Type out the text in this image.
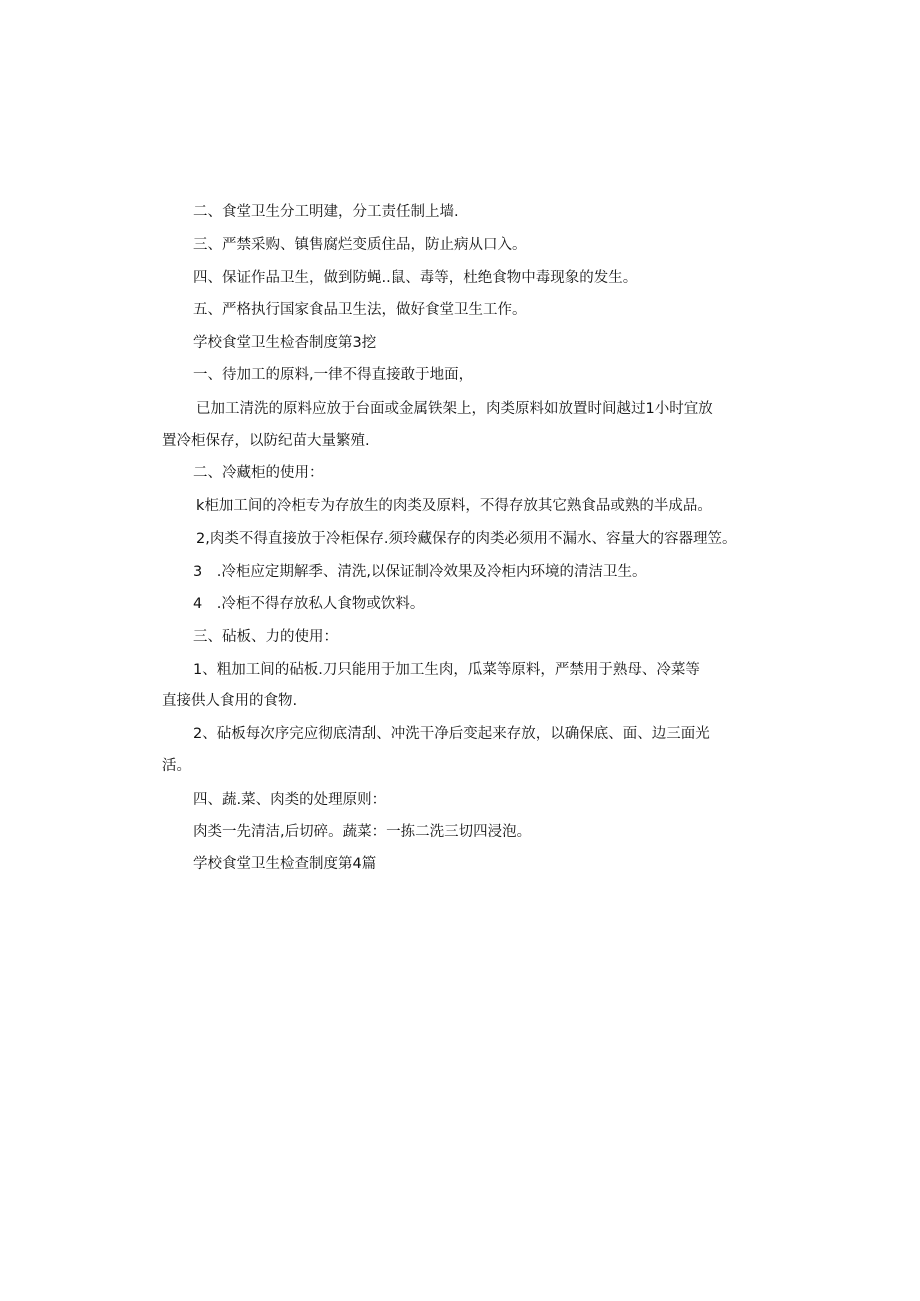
二、食堂卫生分工明建，分工责任制上墙.
三、严禁采购、镇售腐烂变质住品，防止病从口入。
四、保证作品卫生，做到防蝇..鼠、毒等，杜绝食物中毒现象的发生。
五、严格执行国家食品卫生法，做好食堂卫生工作。
学校食堂卫生检杳制度第3挖
一、待加工的原料,一律不得直接敢于地面，
已加工清洗的原料应放于台面或金属铁架上，肉类原料如放置时间越过1小时宜放
置冷柜保存，以防纪苗大量繁殖.
二、冷藏柜的使用：
k柜加工间的冷柜专为存放生的肉类及原料，不得存放其它熟食品或熟的半成品。
2,肉类不得直接放于冷柜保存.须玲藏保存的肉类必须用不漏水、容量大的容器理笠。
3　.冷柜应定期解季、清洗,以保证制冷效果及冷柜内环境的清洁卫生。
4　.冷柜不得存放私人食物或饮料。
三、砧板、力的使用：
1、粗加工间的砧板.刀只能用于加工生肉，瓜菜等原料，严禁用于熟母、冷菜等
直接供人食用的食物.
2、砧板每次序完应彻底清刮、冲洗干净后变起来存放，以确保底、面、边三面光
活。
四、蔬.菜、肉类的处理原则：
肉类一先清洁,后切碎。蔬菜：一拣二洗三切四浸泡。
学校食堂卫生检查制度第4篇
